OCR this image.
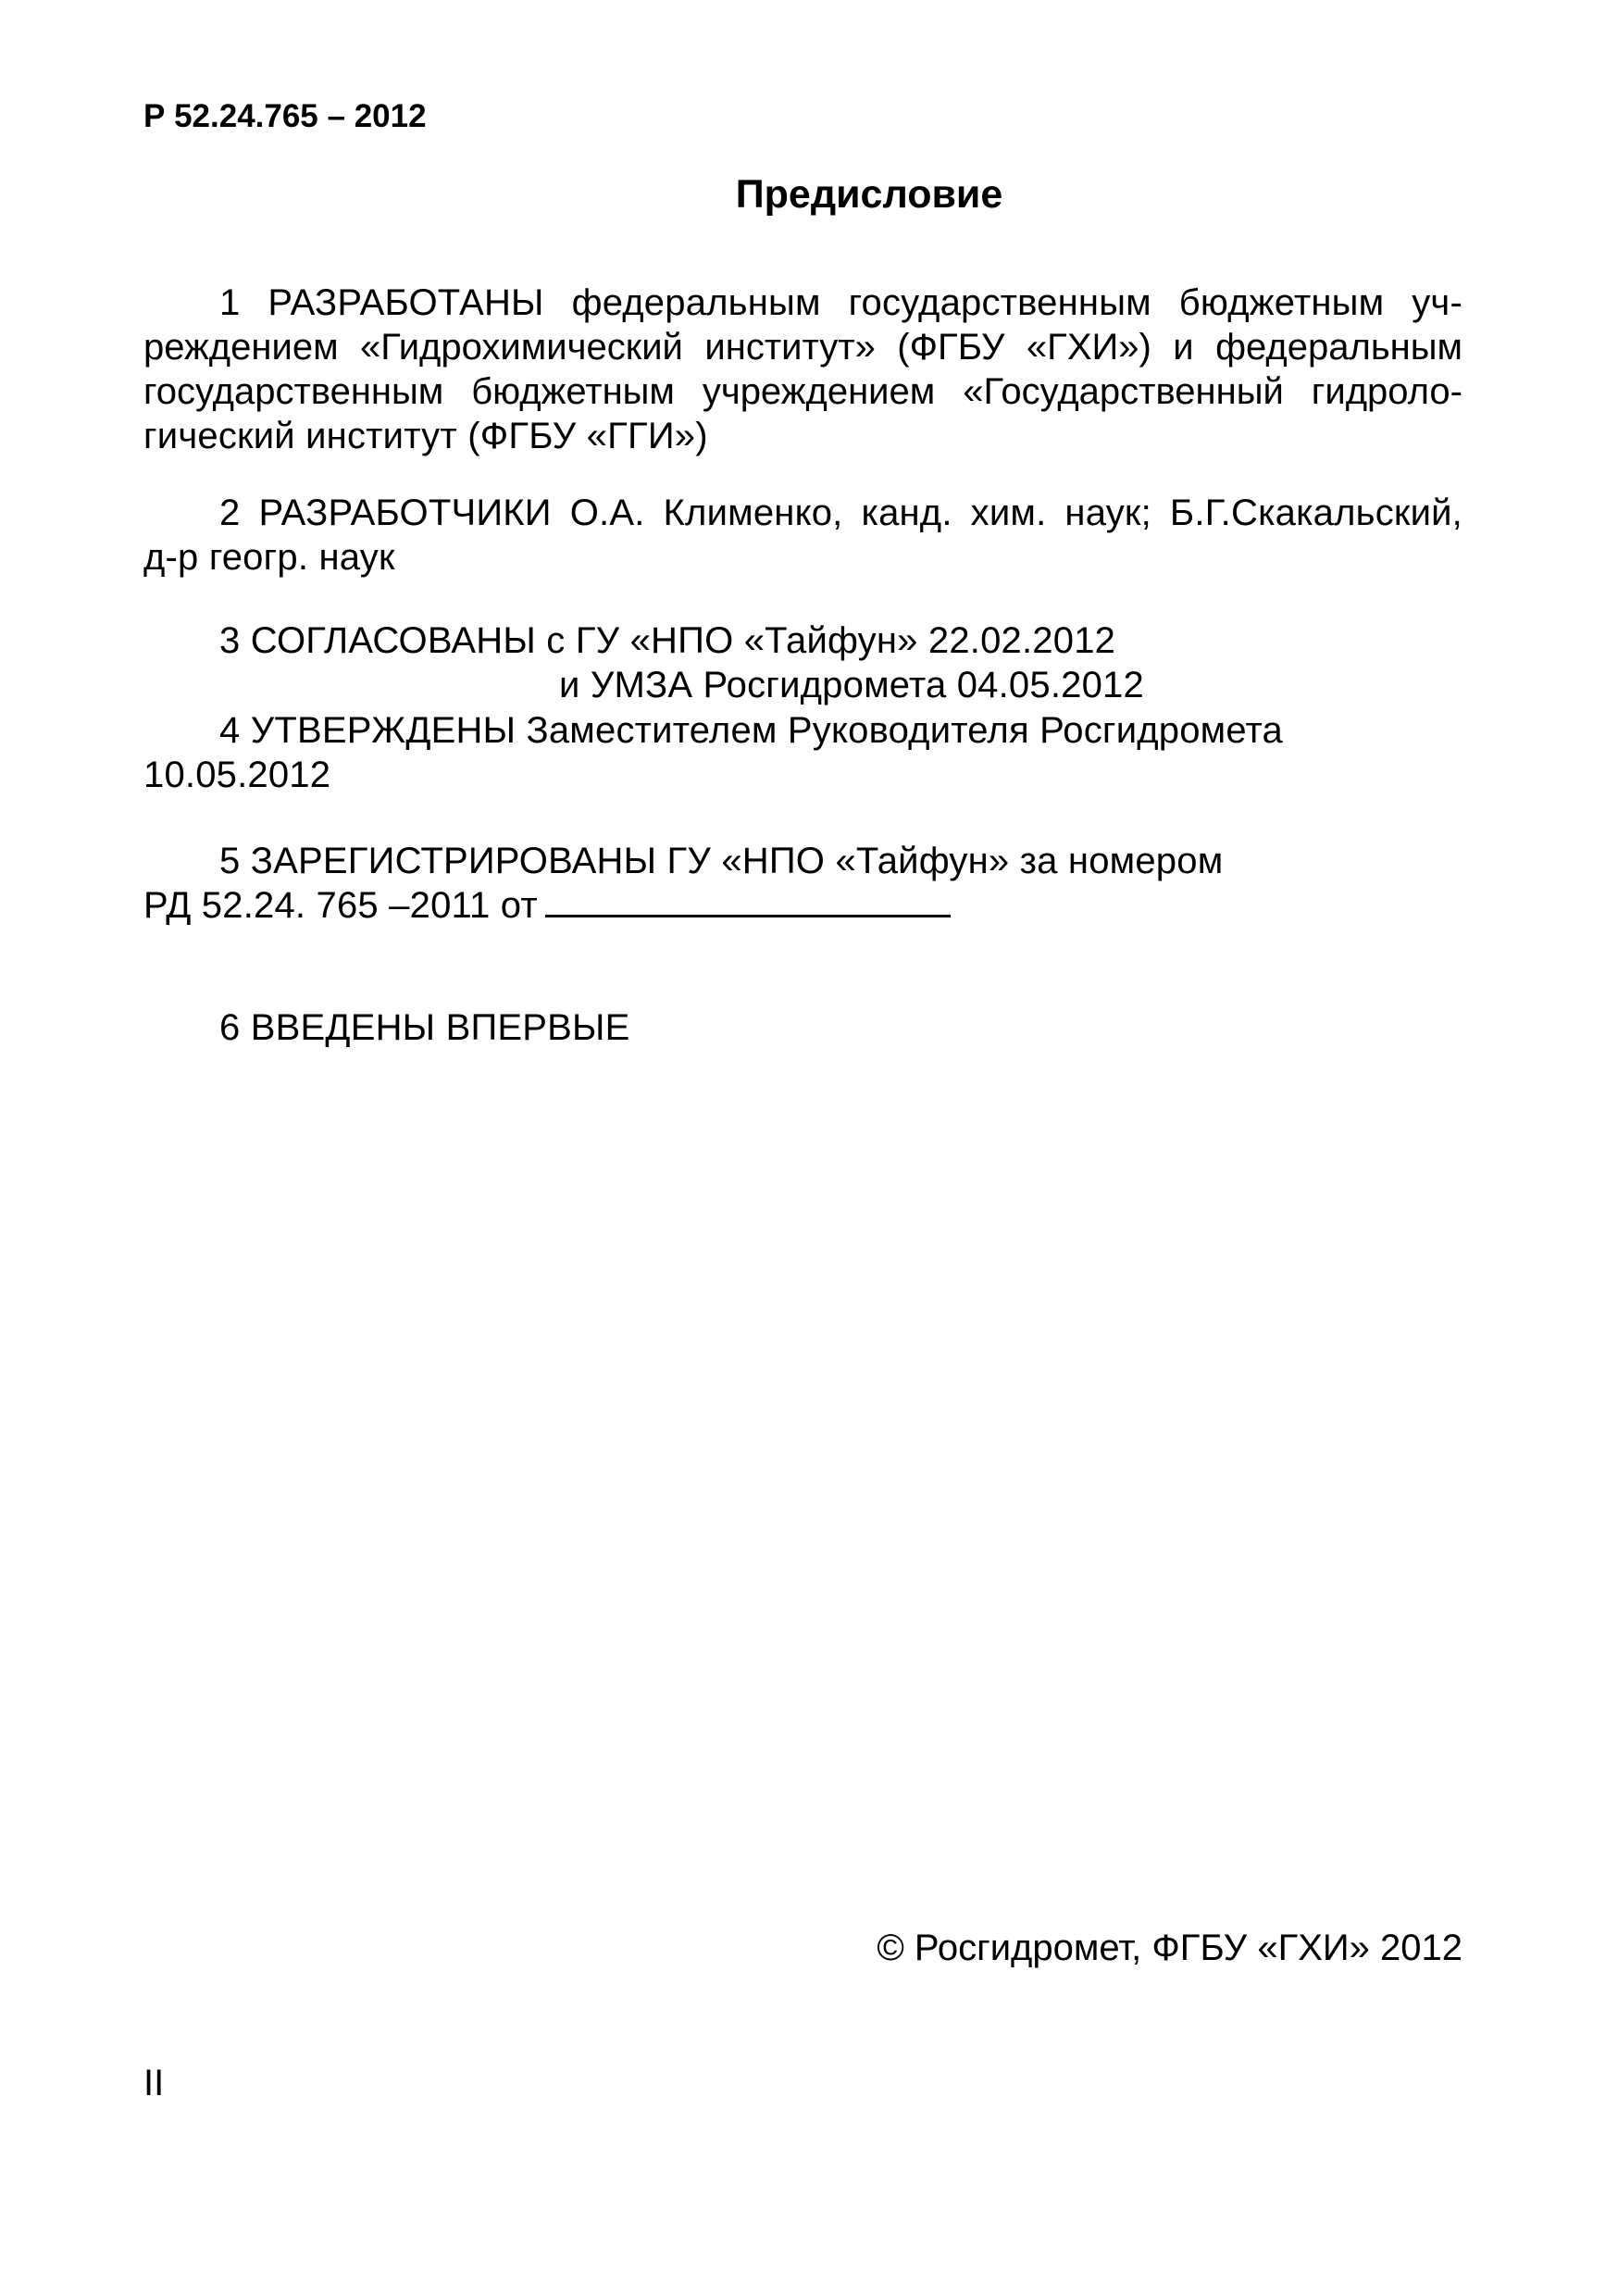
Р 52.24.765 – 2012
Предисловие
1 РАЗРАБОТАНЫ федеральным государственным бюджетным уч-
реждением «Гидрохимический институт» (ФГБУ «ГХИ») и федеральным
государственным бюджетным учреждением «Государственный гидроло-
гический институт (ФГБУ «ГГИ»)
2 РАЗРАБОТЧИКИ О.А. Клименко, канд. хим. наук; Б.Г.Скакальский,
д-р геогр. наук
3 СОГЛАСОВАНЫ с ГУ «НПО «Тайфун» 22.02.2012
и УМЗА Росгидромета 04.05.2012
4 УТВЕРЖДЕНЫ Заместителем Руководителя Росгидромета
10.05.2012
5 ЗАРЕГИСТРИРОВАНЫ ГУ «НПО «Тайфун» за номером
РД 52.24. 765 –2011 от
6 ВВЕДЕНЫ ВПЕРВЫЕ
© Росгидромет, ФГБУ «ГХИ» 2012
II
